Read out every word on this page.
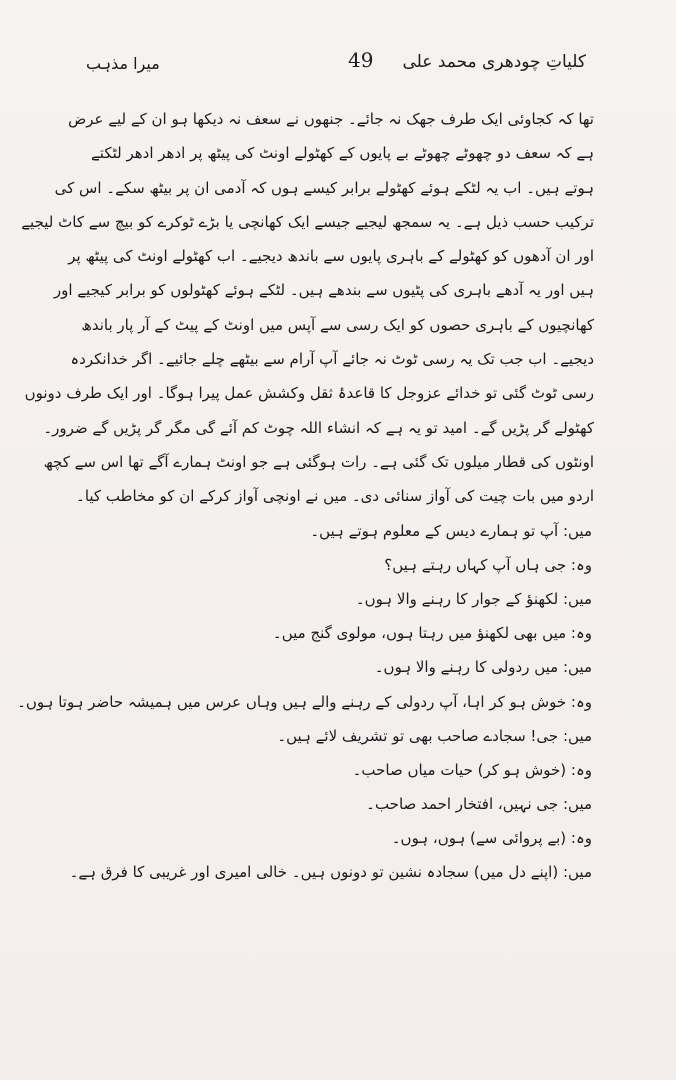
میرا مذہب	49 کلیاتِ چودھری محمد علی
تھا کہ کجاوئی ایک طرف جھک نہ جائے۔ جنھوں نے سعف نہ دیکھا ہو ان کے لیے عرض
ہے کہ سعف دو چھوٹے چھوٹے بے پایوں کے کھٹولے اونٹ کی پیٹھ پر ادھر ادھر لٹکتے
ہوتے ہیں۔ اب یہ لٹکے ہوئے کھٹولے برابر کیسے ہوں کہ آدمی ان پر بیٹھ سکے۔ اس کی
ترکیب حسب ذیل ہے۔ یہ سمجھ لیجیے جیسے ایک کھانچی یا بڑے ٹوکرے کو بیچ سے کاٹ لیجیے
اور ان آدھوں کو کھٹولے کے باہری پایوں سے باندھ دیجیے۔ اب کھٹولے اونٹ کی پیٹھ پر
ہیں اور یہ آدھے باہری کی پٹیوں سے بندھے ہیں۔ لٹکے ہوئے کھٹولوں کو برابر کیجیے اور
کھانچیوں کے باہری حصوں کو ایک رسی سے آپس میں اونٹ کے پیٹ کے آر پار باندھ
دیجیے۔ اب جب تک یہ رسی ٹوٹ نہ جائے آپ آرام سے بیٹھے چلے جائیے۔ اگر خدانکردہ
رسی ٹوٹ گئی تو خدائے عزوجل کا قاعدۂ ثقل وکشش عمل پیرا ہوگا۔ اور ایک طرف دونوں
کھٹولے گر پڑیں گے۔ امید تو یہ ہے کہ انشاء اللہ چوٹ کم آئے گی مگر گر پڑیں گے ضرور۔
اونٹوں کی قطار میلوں تک گئی ہے۔ رات ہوگئی ہے جو اونٹ ہمارے آگے تھا اس سے کچھ
اردو میں بات چیت کی آواز سنائی دی۔ میں نے اونچی آواز کرکے ان کو مخاطب کیا۔
میں: آپ تو ہمارے دیس کے معلوم ہوتے ہیں۔
وہ: جی ہاں آپ کہاں رہتے ہیں؟
میں: لکھنؤ کے جوار کا رہنے والا ہوں۔
وہ: میں بھی لکھنؤ میں رہتا ہوں، مولوی گنج میں۔
میں: میں ردولی کا رہنے والا ہوں۔
وہ: خوش ہو کر اہا، آپ ردولی کے رہنے والے ہیں وہاں عرس میں ہمیشہ حاضر ہوتا ہوں۔
میں: جی! سجادے صاحب بھی تو تشریف لائے ہیں۔
وہ: (خوش ہو کر) حیات میاں صاحب۔
میں: جی نہیں، افتخار احمد صاحب۔
وہ: (بے پروائی سے) ہوں، ہوں۔
میں: (اپنے دل میں) سجادہ نشین تو دونوں ہیں۔ خالی امیری اور غریبی کا فرق ہے۔
